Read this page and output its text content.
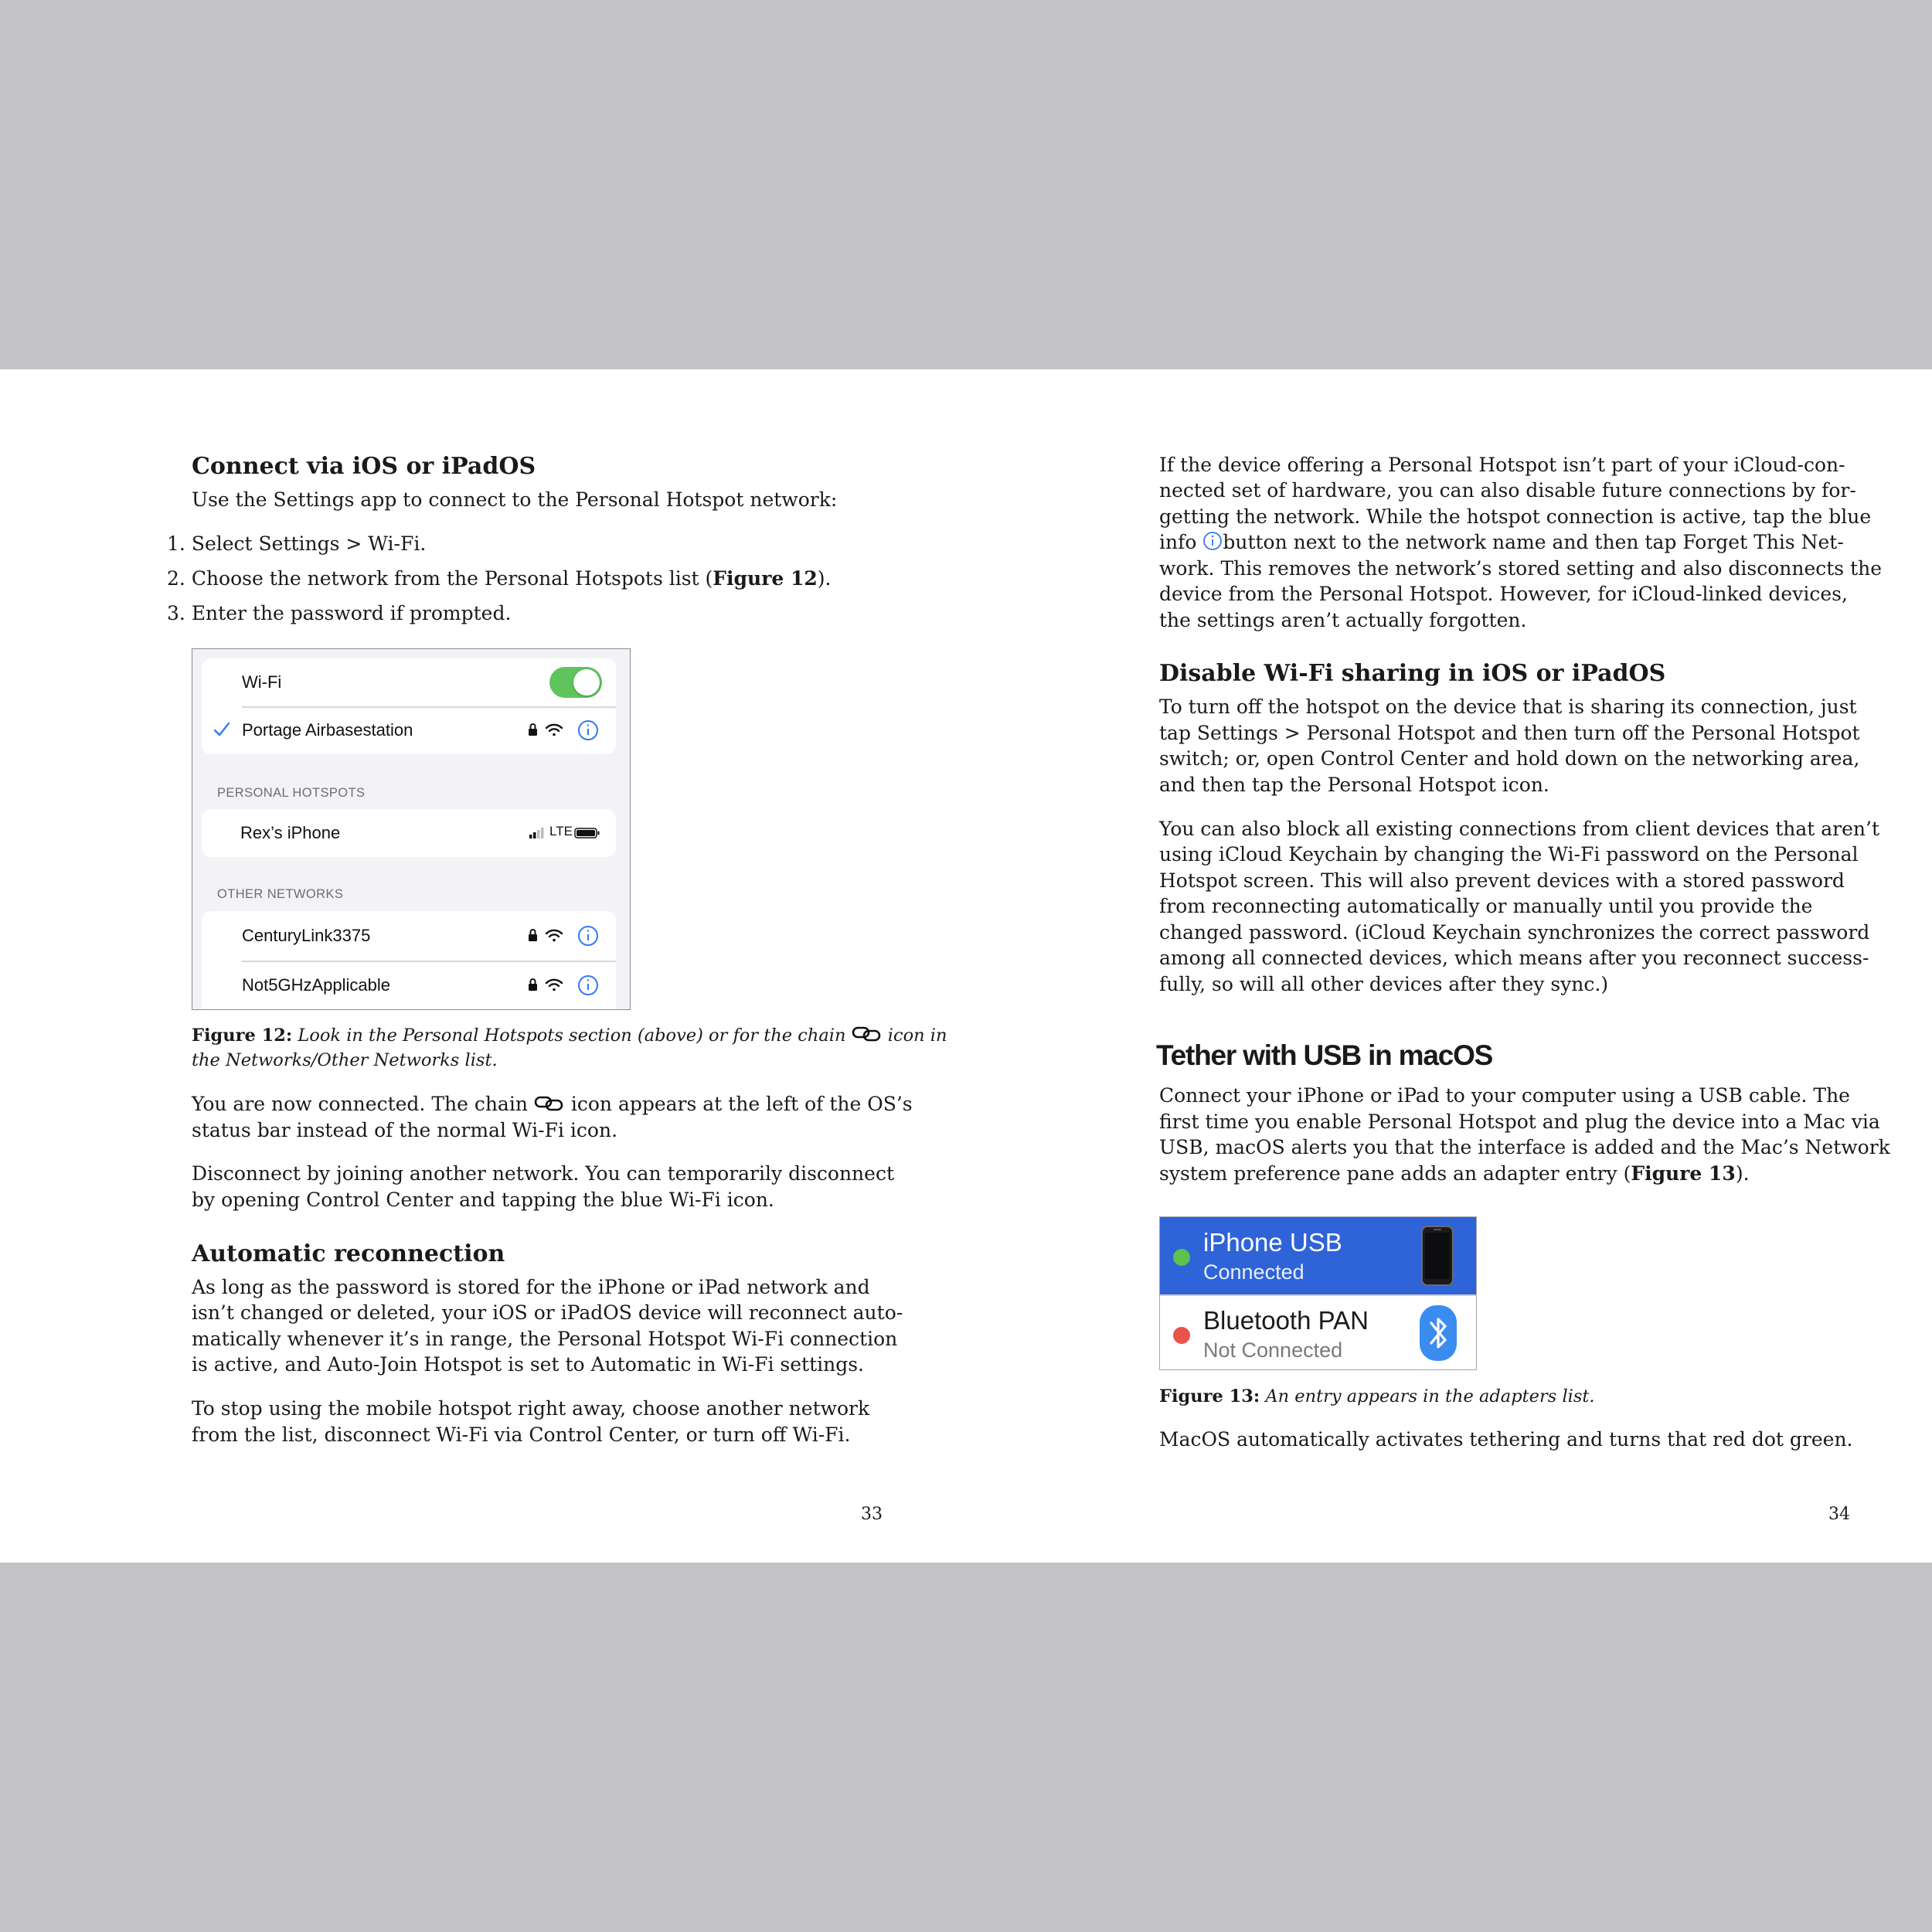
Connect via iOS or iPadOS
Use the Settings app to connect to the Personal Hotspot network:
1. Select Settings > Wi-Fi.
2. Choose the network from the Personal Hotspots list (Figure 12).
3. Enter the password if prompted.
Wi-Fi
Portage Airbasestation
PERSONAL HOTSPOTS
Rex’s iPhone	LTE
OTHER NETWORKS
CenturyLink3375
Not5GHzApplicable
Figure 12: Look in the Personal Hotspots section (above) or for the chain icon in
the Networks/Other Networks list.
You are now connected. The chain icon appears at the left of the OS’s
status bar instead of the normal Wi-Fi icon.
Disconnect by joining another network. You can temporarily disconnect
by opening Control Center and tapping the blue Wi-Fi icon.
Automatic reconnection
As long as the password is stored for the iPhone or iPad network and
isn’t changed or deleted, your iOS or iPadOS device will reconnect auto-
matically whenever it’s in range, the Personal Hotspot Wi-Fi connection
is active, and Auto-Join Hotspot is set to Automatic in Wi-Fi settings.
To stop using the mobile hotspot right away, choose another network
from the list, disconnect Wi-Fi via Control Center, or turn off Wi-Fi.
33
If the device offering a Personal Hotspot isn’t part of your iCloud-con-
nected set of hardware, you can also disable future connections by for-
getting the network. While the hotspot connection is active, tap the blue
info button next to the network name and then tap Forget This Net-
work. This removes the network’s stored setting and also disconnects the
device from the Personal Hotspot. However, for iCloud-linked devices,
the settings aren’t actually forgotten.
Disable Wi-Fi sharing in iOS or iPadOS
To turn off the hotspot on the device that is sharing its connection, just
tap Settings > Personal Hotspot and then turn off the Personal Hotspot
switch; or, open Control Center and hold down on the networking area,
and then tap the Personal Hotspot icon.
You can also block all existing connections from client devices that aren’t
using iCloud Keychain by changing the Wi-Fi password on the Personal
Hotspot screen. This will also prevent devices with a stored password
from reconnecting automatically or manually until you provide the
changed password. (iCloud Keychain synchronizes the correct password
among all connected devices, which means after you reconnect success-
fully, so will all other devices after they sync.)
Tether with USB in macOS
Connect your iPhone or iPad to your computer using a USB cable. The
first time you enable Personal Hotspot and plug the device into a Mac via
USB, macOS alerts you that the interface is added and the Mac’s Network
system preference pane adds an adapter entry (Figure 13).
iPhone USB
Connected
Bluetooth PAN
Not Connected
Figure 13: An entry appears in the adapters list.
MacOS automatically activates tethering and turns that red dot green.
34
